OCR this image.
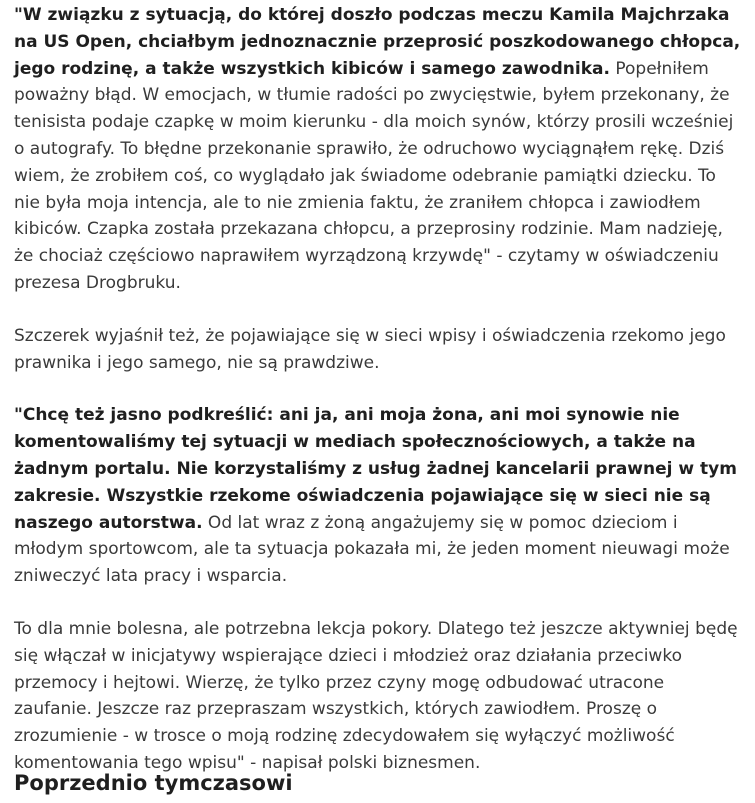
"W związku z sytuacją, do której doszło podczas meczu Kamila Majchrzaka na US Open, chciałbym jednoznacznie przeprosić poszkodowanego chłopca, jego rodzinę, a także wszystkich kibiców i samego zawodnika. Popełniłem poważny błąd. W emocjach, w tłumie radości po zwycięstwie, byłem przekonany, że tenisista podaje czapkę w moim kierunku - dla moich synów, którzy prosili wcześniej o autografy. To błędne przekonanie sprawiło, że odruchowo wyciągnąłem rękę. Dziś wiem, że zrobiłem coś, co wyglądało jak świadome odebranie pamiątki dziecku. To nie była moja intencja, ale to nie zmienia faktu, że zraniłem chłopca i zawiodłem kibiców. Czapka została przekazana chłopcu, a przeprosiny rodzinie. Mam nadzieję, że chociaż częściowo naprawiłem wyrządzoną krzywdę" - czytamy w oświadczeniu prezesa Drogbruku.

Szczerek wyjaśnił też, że pojawiające się w sieci wpisy i oświadczenia rzekomo jego prawnika i jego samego, nie są prawdziwe.

"Chcę też jasno podkreślić: ani ja, ani moja żona, ani moi synowie nie komentowaliśmy tej sytuacji w mediach społecznościowych, a także na żadnym portalu. Nie korzystaliśmy z usług żadnej kancelarii prawnej w tym zakresie. Wszystkie rzekome oświadczenia pojawiające się w sieci nie są naszego autorstwa. Od lat wraz z żoną angażujemy się w pomoc dzieciom i młodym sportowcom, ale ta sytuacja pokazała mi, że jeden moment nieuwagi może zniweczyć lata pracy i wsparcia.

To dla mnie bolesna, ale potrzebna lekcja pokory. Dlatego też jeszcze aktywniej będę się włączał w inicjatywy wspierające dzieci i młodzież oraz działania przeciwko przemocy i hejtowi. Wierzę, że tylko przez czyny mogę odbudować utracone zaufanie. Jeszcze raz przepraszam wszystkich, których zawiodłem. Proszę o zrozumienie - w trosce o moją rodzinę zdecydowałem się wyłączyć możliwość komentowania tego wpisu" - napisał polski biznesmen.

Poprzednio tymczasowi
